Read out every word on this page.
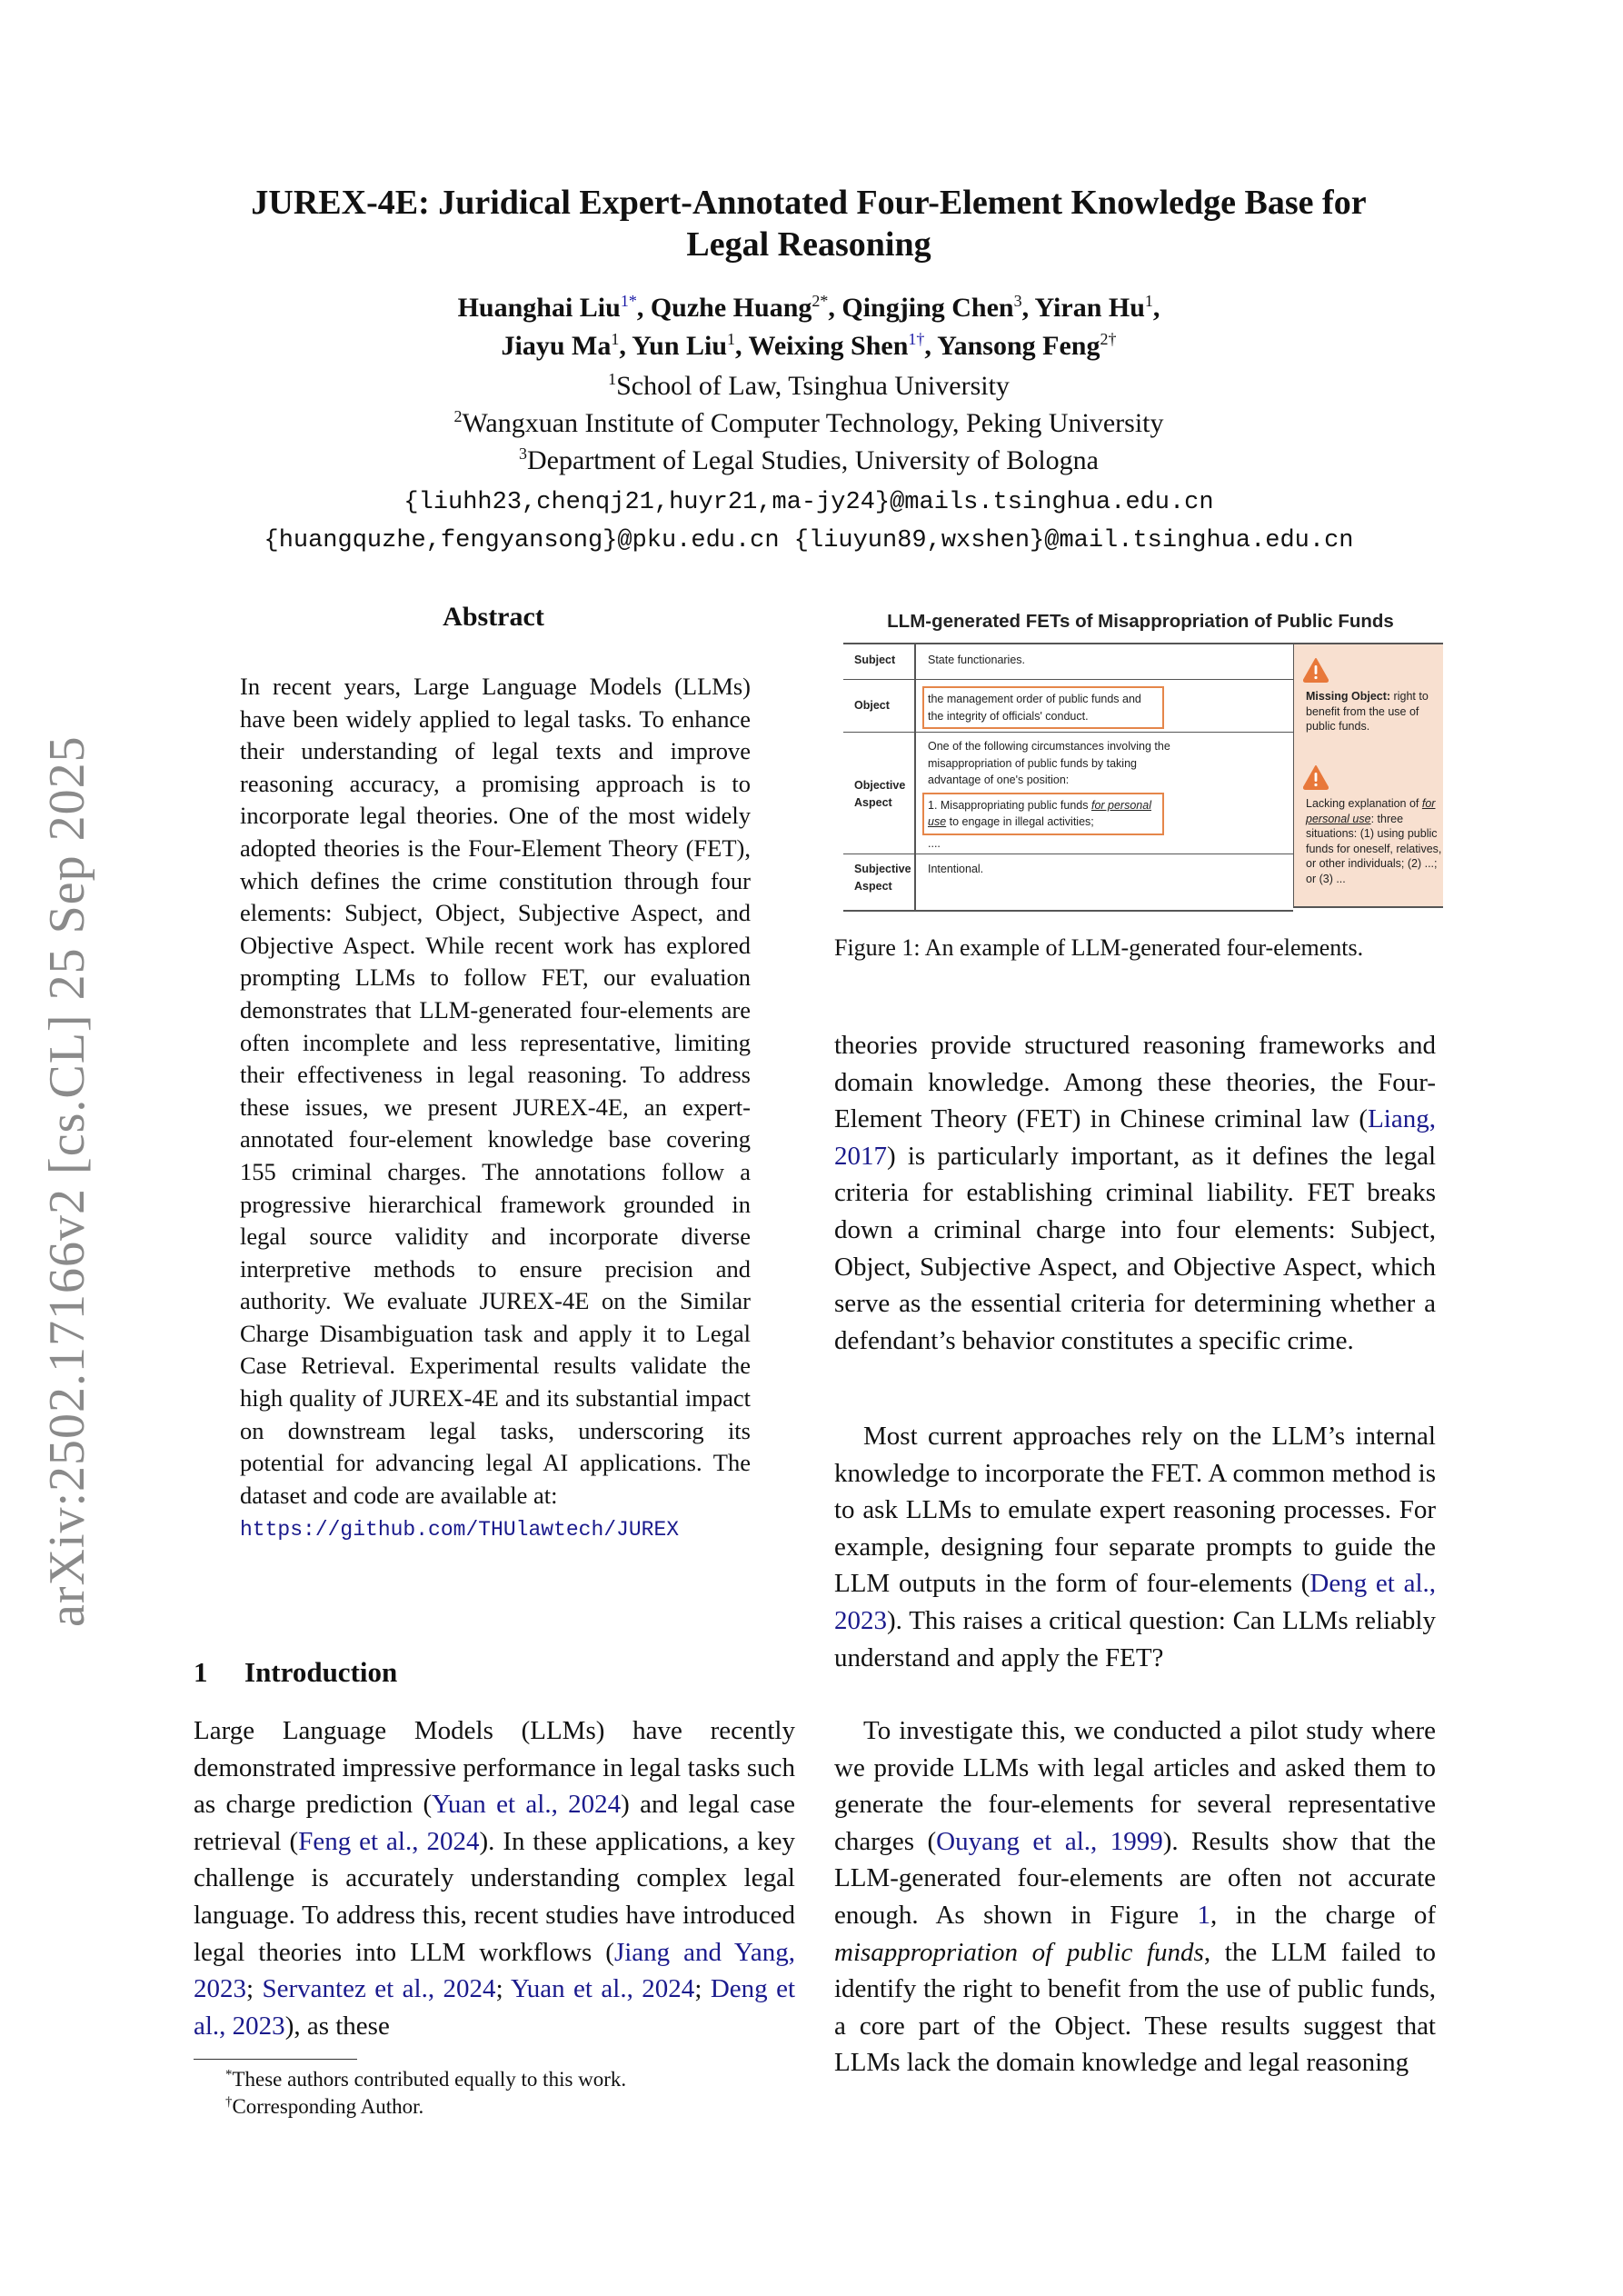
arXiv:2502.17166v2 [cs.CL] 25 Sep 2025
JUREX-4E: Juridical Expert-Annotated Four-Element Knowledge Base for
Legal Reasoning
Huanghai Liu$^{1*}$, Quzhe Huang$^{2*}$, Qingjing Chen$^3$, Yiran Hu$^1$,
Jiayu Ma$^1$, Yun Liu$^1$, Weixing Shen$^{1\dagger}$, Yansong Feng$^{2\dagger}$
$^1$School of Law, Tsinghua University
$^2$Wangxuan Institute of Computer Technology, Peking University
$^3$Department of Legal Studies, University of Bologna
{liuhh23,chenqj21,huyr21,ma-jy24}@mails.tsinghua.edu.cn
{huangquzhe,fengyansong}@pku.edu.cn {liuyun89,wxshen}@mail.tsinghua.edu.cn
Abstract
In recent years, Large Language Models (LLMs) have been widely applied to legal tasks. To enhance their understanding of legal texts and improve reasoning accuracy, a promising approach is to incorporate legal theories. One of the most widely adopted theories is the Four-Element Theory (FET), which defines the crime constitution through four elements: Subject, Object, Subjective Aspect, and Objective Aspect. While recent work has explored prompting LLMs to follow FET, our evaluation demonstrates that LLM-generated four-elements are often incomplete and less representative, limiting their effectiveness in legal reasoning. To address these issues, we present JUREX-4E, an expert-annotated four-element knowledge base covering 155 criminal charges. The annotations follow a progressive hierarchical framework grounded in legal source validity and incorporate diverse interpretive methods to ensure precision and authority. We evaluate JUREX-4E on the Similar Charge Disambiguation task and apply it to Legal Case Retrieval. Experimental results validate the high quality of JUREX-4E and its substantial impact on downstream legal tasks, underscoring its potential for advancing legal AI applications. The dataset and code are available at:
https://github.com/THUlawtech/JUREX
1 Introduction
Large Language Models (LLMs) have recently demonstrated impressive performance in legal tasks such as charge prediction (Yuan et al., 2024) and legal case retrieval (Feng et al., 2024). In these applications, a key challenge is accurately understanding complex legal language. To address this, recent studies have introduced legal theories into LLM workflows (Jiang and Yang, 2023; Servantez et al., 2024; Yuan et al., 2024; Deng et al., 2023), as these
*These authors contributed equally to this work.
†Corresponding Author.
LLM-generated FETs of Misappropriation of Public Funds
Subject	State functionaries.
Object	the management order of public funds and the integrity of officials' conduct.
Objective Aspect
One of the following circumstances involving the misappropriation of public funds by taking advantage of one's position:
1. Misappropriating public funds for personal use to engage in illegal activities;
....
Subjective Aspect
Intentional.
Missing Object: right to benefit from the use of public funds.
Lacking explanation of for personal use: three situations: (1) using public funds for oneself, relatives, or other individuals; (2) ...; or (3) ...
Figure 1: An example of LLM-generated four-elements.
theories provide structured reasoning frameworks and domain knowledge. Among these theories, the Four-Element Theory (FET) in Chinese criminal law (Liang, 2017) is particularly important, as it defines the legal criteria for establishing criminal liability. FET breaks down a criminal charge into four elements: Subject, Object, Subjective Aspect, and Objective Aspect, which serve as the essential criteria for determining whether a defendant’s behavior constitutes a specific crime.
Most current approaches rely on the LLM’s internal knowledge to incorporate the FET. A common method is to ask LLMs to emulate expert reasoning processes. For example, designing four separate prompts to guide the LLM outputs in the form of four-elements (Deng et al., 2023). This raises a critical question: Can LLMs reliably understand and apply the FET?
To investigate this, we conducted a pilot study where we provide LLMs with legal articles and asked them to generate the four-elements for several representative charges (Ouyang et al., 1999). Results show that the LLM-generated four-elements are often not accurate enough. As shown in Figure 1, in the charge of misappropriation of public funds, the LLM failed to identify the right to benefit from the use of public funds, a core part of the Object. These results suggest that LLMs lack the domain knowledge and legal reasoning
